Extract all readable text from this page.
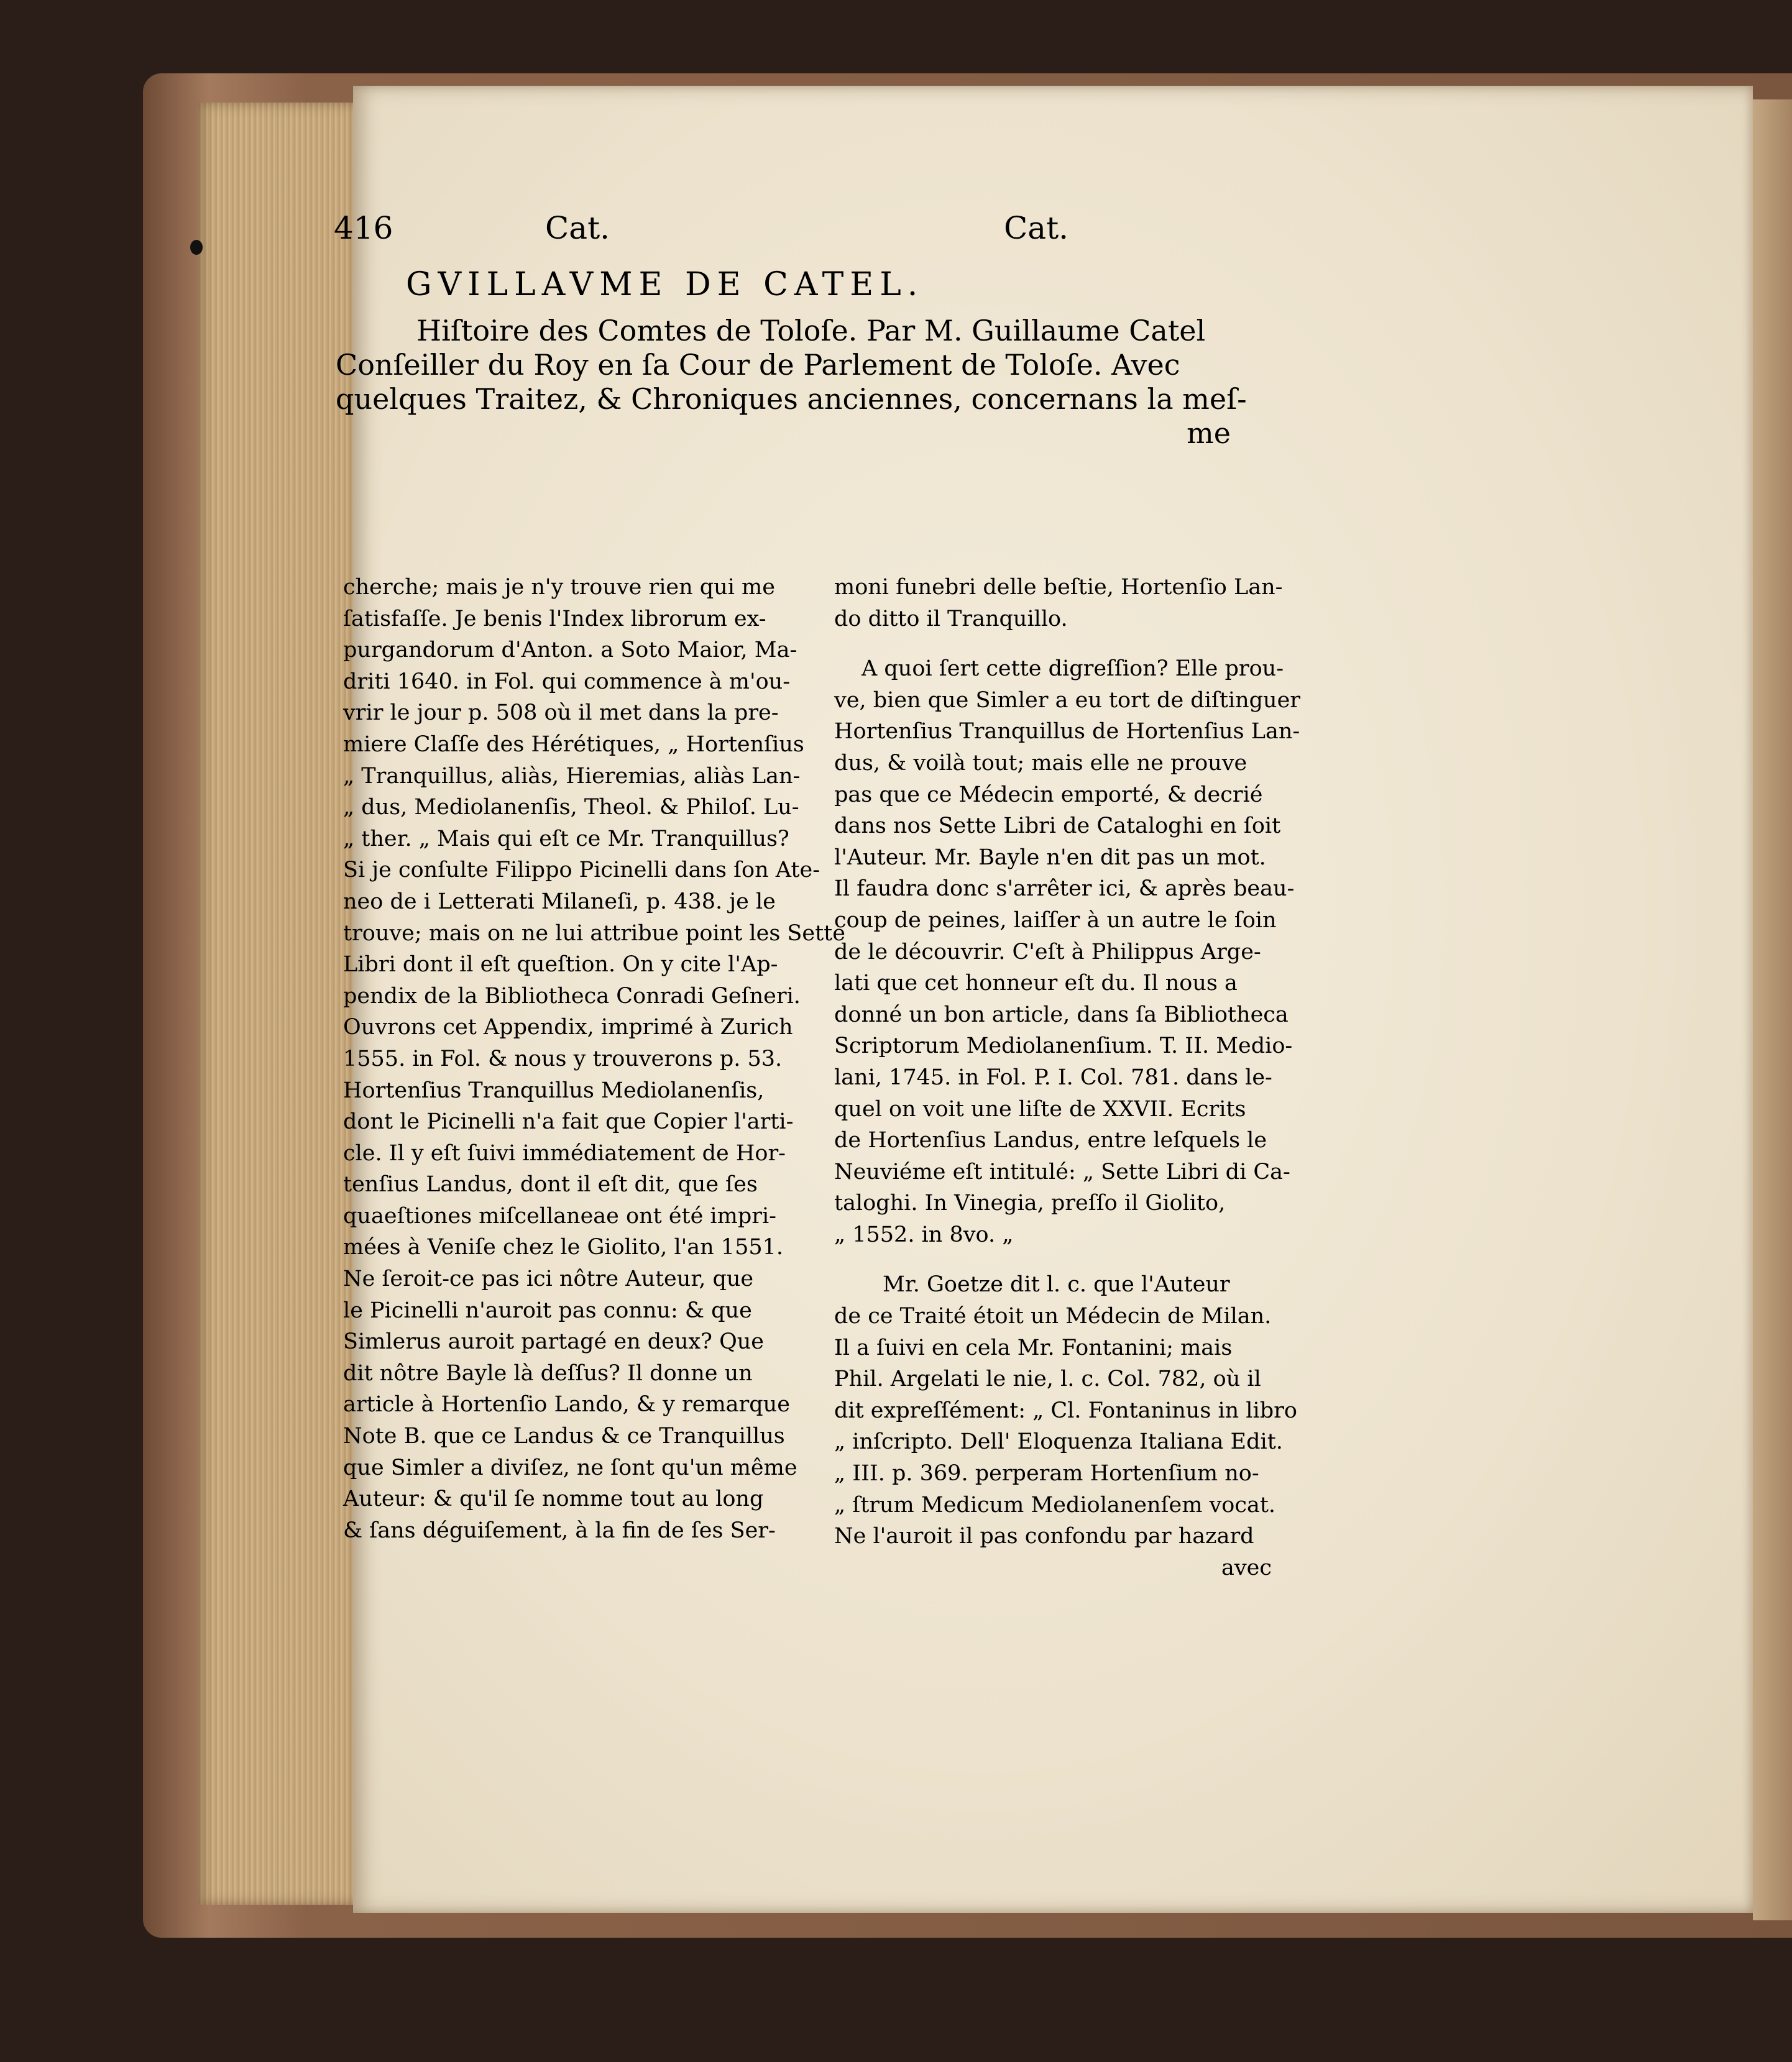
416	Cat.	Cat.
GVILLAVME DE CATEL.
Hiſtoire des Comtes de Toloſe. Par M. Guillaume Catel
Conſeiller du Roy en ſa Cour de Parlement de Toloſe. Avec
quelques Traitez, & Chroniques anciennes, concernans la meſ-
me
cherche; mais je n'y trouve rien qui me
ſatisfaſſe. Je benis l'Index librorum ex-
purgandorum d'Anton. a Soto Maior, Ma-
driti 1640. in Fol. qui commence à m'ou-
vrir le jour p. 508 où il met dans la pre-
miere Claſſe des Hérétiques, „ Hortenſius
„ Tranquillus, aliàs, Hieremias, aliàs Lan-
„ dus, Mediolanenſis, Theol. & Philoſ. Lu-
„ ther. „ Mais qui eſt ce Mr. Tranquillus?
Si je conſulte Filippo Picinelli dans ſon Ate-
neo de i Letterati Milaneſi, p. 438. je le
trouve; mais on ne lui attribue point les Sette
Libri dont il eſt queſtion. On y cite l'Ap-
pendix de la Bibliotheca Conradi Geſneri.
Ouvrons cet Appendix, imprimé à Zurich
1555. in Fol. & nous y trouverons p. 53.
Hortenſius Tranquillus Mediolanenſis,
dont le Picinelli n'a fait que Copier l'arti-
cle. Il y eſt ſuivi immédiatement de Hor-
tenſius Landus, dont il eſt dit, que ſes
quaeſtiones miſcellaneae ont été impri-
mées à Veniſe chez le Giolito, l'an 1551.
Ne ſeroit-ce pas ici nôtre Auteur, que
le Picinelli n'auroit pas connu: & que
Simlerus auroit partagé en deux? Que
dit nôtre Bayle là deſſus? Il donne un
article à Hortenſio Lando, & y remarque
Note B. que ce Landus & ce Tranquillus
que Simler a diviſez, ne ſont qu'un même
Auteur: & qu'il ſe nomme tout au long
& ſans déguiſement, à la fin de ſes Ser-
moni funebri delle beſtie, Hortenſio Lan-
do ditto il Tranquillo.
A quoi ſert cette digreſſion? Elle prou-
ve, bien que Simler a eu tort de diſtinguer
Hortenſius Tranquillus de Hortenſius Lan-
dus, & voilà tout; mais elle ne prouve
pas que ce Médecin emporté, & decrié
dans nos Sette Libri de Cataloghi en ſoit
l'Auteur. Mr. Bayle n'en dit pas un mot.
Il faudra donc s'arrêter ici, & après beau-
coup de peines, laiſſer à un autre le ſoin
de le découvrir. C'eſt à Philippus Arge-
lati que cet honneur eſt du. Il nous a
donné un bon article, dans ſa Bibliotheca
Scriptorum Mediolanenſium. T. II. Medio-
lani, 1745. in Fol. P. I. Col. 781. dans le-
quel on voit une liſte de XXVII. Ecrits
de Hortenſius Landus, entre leſquels le
Neuviéme eſt intitulé: „ Sette Libri di Ca-
taloghi. In Vinegia, preſſo il Giolito,
„ 1552. in 8vo. „
Mr. Goetze dit l. c. que l'Auteur
de ce Traité étoit un Médecin de Milan.
Il a ſuivi en cela Mr. Fontanini; mais
Phil. Argelati le nie, l. c. Col. 782, où il
dit expreſſément: „ Cl. Fontaninus in libro
„ inſcripto. Dell' Eloquenza Italiana Edit.
„ III. p. 369. perperam Hortenſium no-
„ ſtrum Medicum Mediolanenſem vocat.
Ne l'auroit il pas confondu par hazard
avec
